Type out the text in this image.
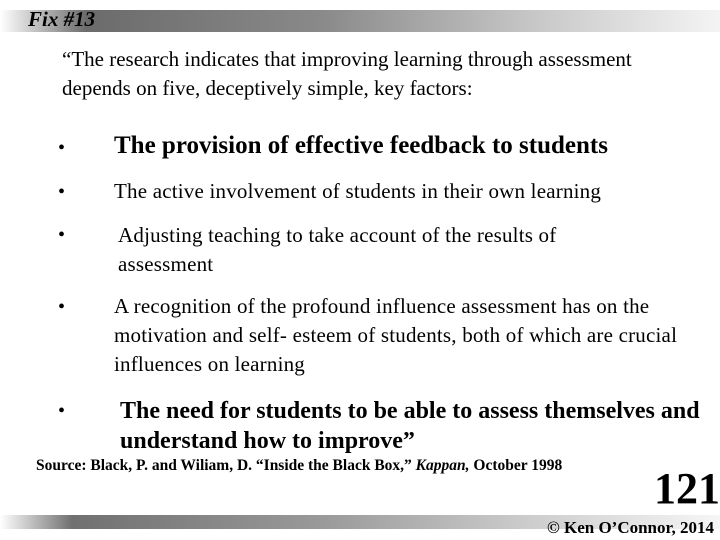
Fix #13
“The research indicates that improving learning through assessment depends on five, deceptively simple, key factors:
• The provision of effective feedback to students
• The active involvement of students in their own learning
•	Adjusting teaching to take account of the results of assessment
• A recognition of the profound influence assessment has on the motivation and self- esteem of students, both of which are crucial influences on learning
• The need for students to be able to assess themselves and understand how to improve”
Source: Black, P. and Wiliam, D. “Inside the Black Box,” Kappan, October 1998 121
© Ken O’Connor, 2014
